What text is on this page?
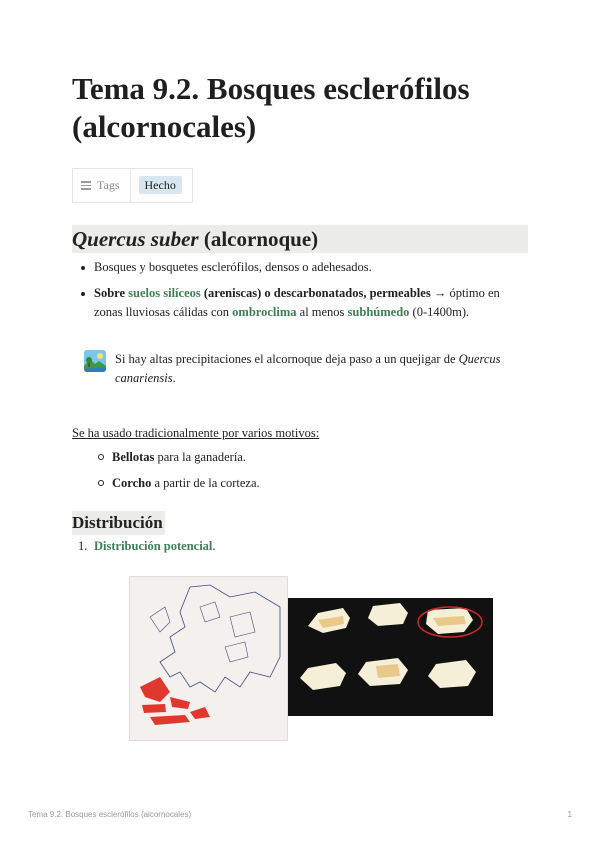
Tema 9.2. Bosques esclerófilos (alcornocales)
Tags	Hecho
Quercus suber (alcornoque)
Bosques y bosquetes esclerófilos, densos o adehesados.
Sobre suelos silíceos (areniscas) o descarbonatados, permeables → óptimo en zonas lluviosas cálidas con ombroclima al menos subhúmedo (0-1400m).
Si hay altas precipitaciones el alcornoque deja paso a un quejigar de Quercus canariensis.
Se ha usado tradicionalmente por varios motivos:
Bellotas para la ganadería.
Corcho a partir de la corteza.
Distribución
1. Distribución potencial.
Tema 9.2. Bosques esclerófilos (alcornocales)	1
